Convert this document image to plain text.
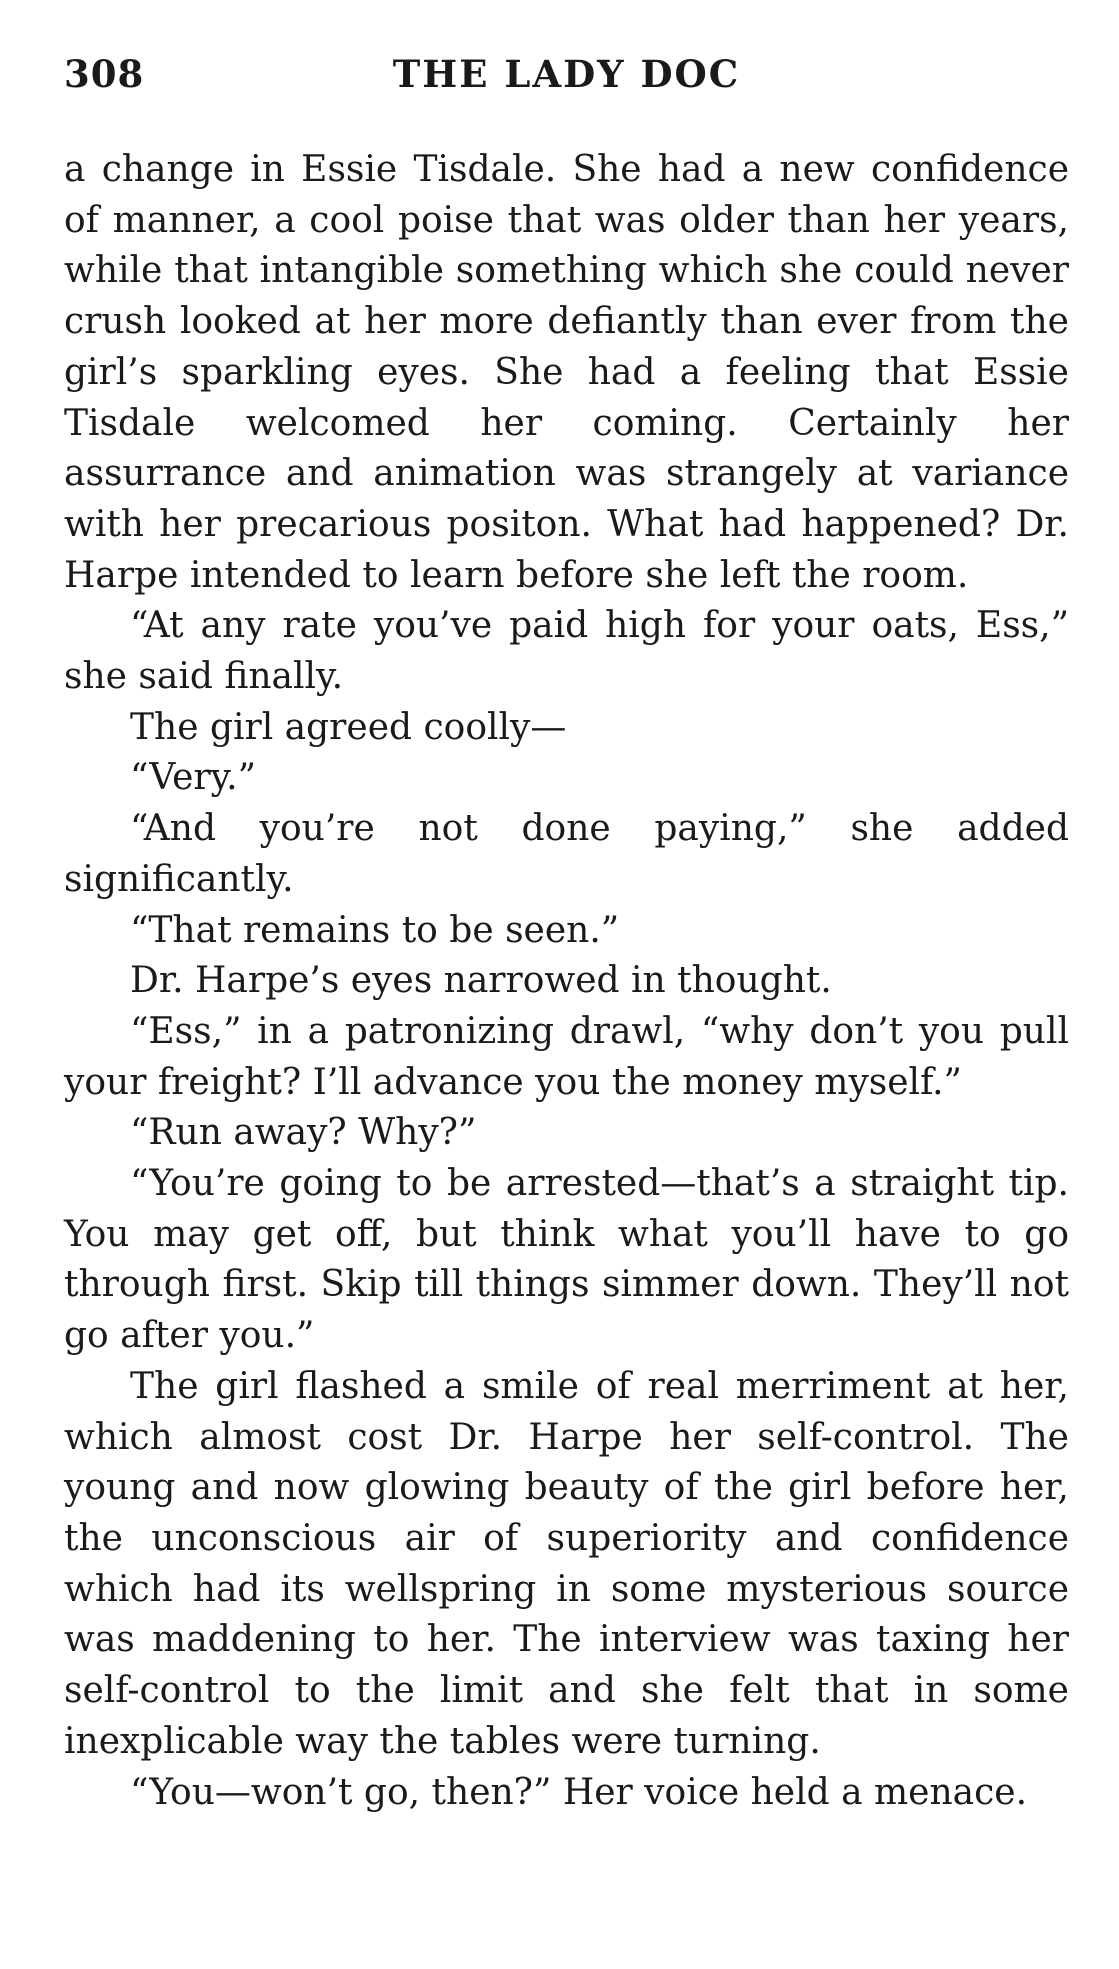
308	THE LADY DOC

a change in Essie Tisdale. She had a new confidence of manner, a cool poise that was older than her years, while that intangible something which she could never crush looked at her more defiantly than ever from the girl’s sparkling eyes. She had a feeling that Essie Tisdale welcomed her coming. Certainly her assurrance and animation was strangely at variance with her precarious positon. What had happened? Dr. Harpe intended to learn before she left the room.

“At any rate you’ve paid high for your oats, Ess,” she said finally.

The girl agreed coolly—

“Very.”

“And you’re not done paying,” she added significantly.

“That remains to be seen.”

Dr. Harpe’s eyes narrowed in thought.

“Ess,” in a patronizing drawl, “why don’t you pull your freight? I’ll advance you the money myself.”

“Run away? Why?”

“You’re going to be arrested—that’s a straight tip. You may get off, but think what you’ll have to go through first. Skip till things simmer down. They’ll not go after you.”

The girl flashed a smile of real merriment at her, which almost cost Dr. Harpe her self-control. The young and now glowing beauty of the girl before her, the unconscious air of superiority and confidence which had its wellspring in some mysterious source was maddening to her. The interview was taxing her self-control to the limit and she felt that in some inexplicable way the tables were turning.

“You—won’t go, then?” Her voice held a menace.
